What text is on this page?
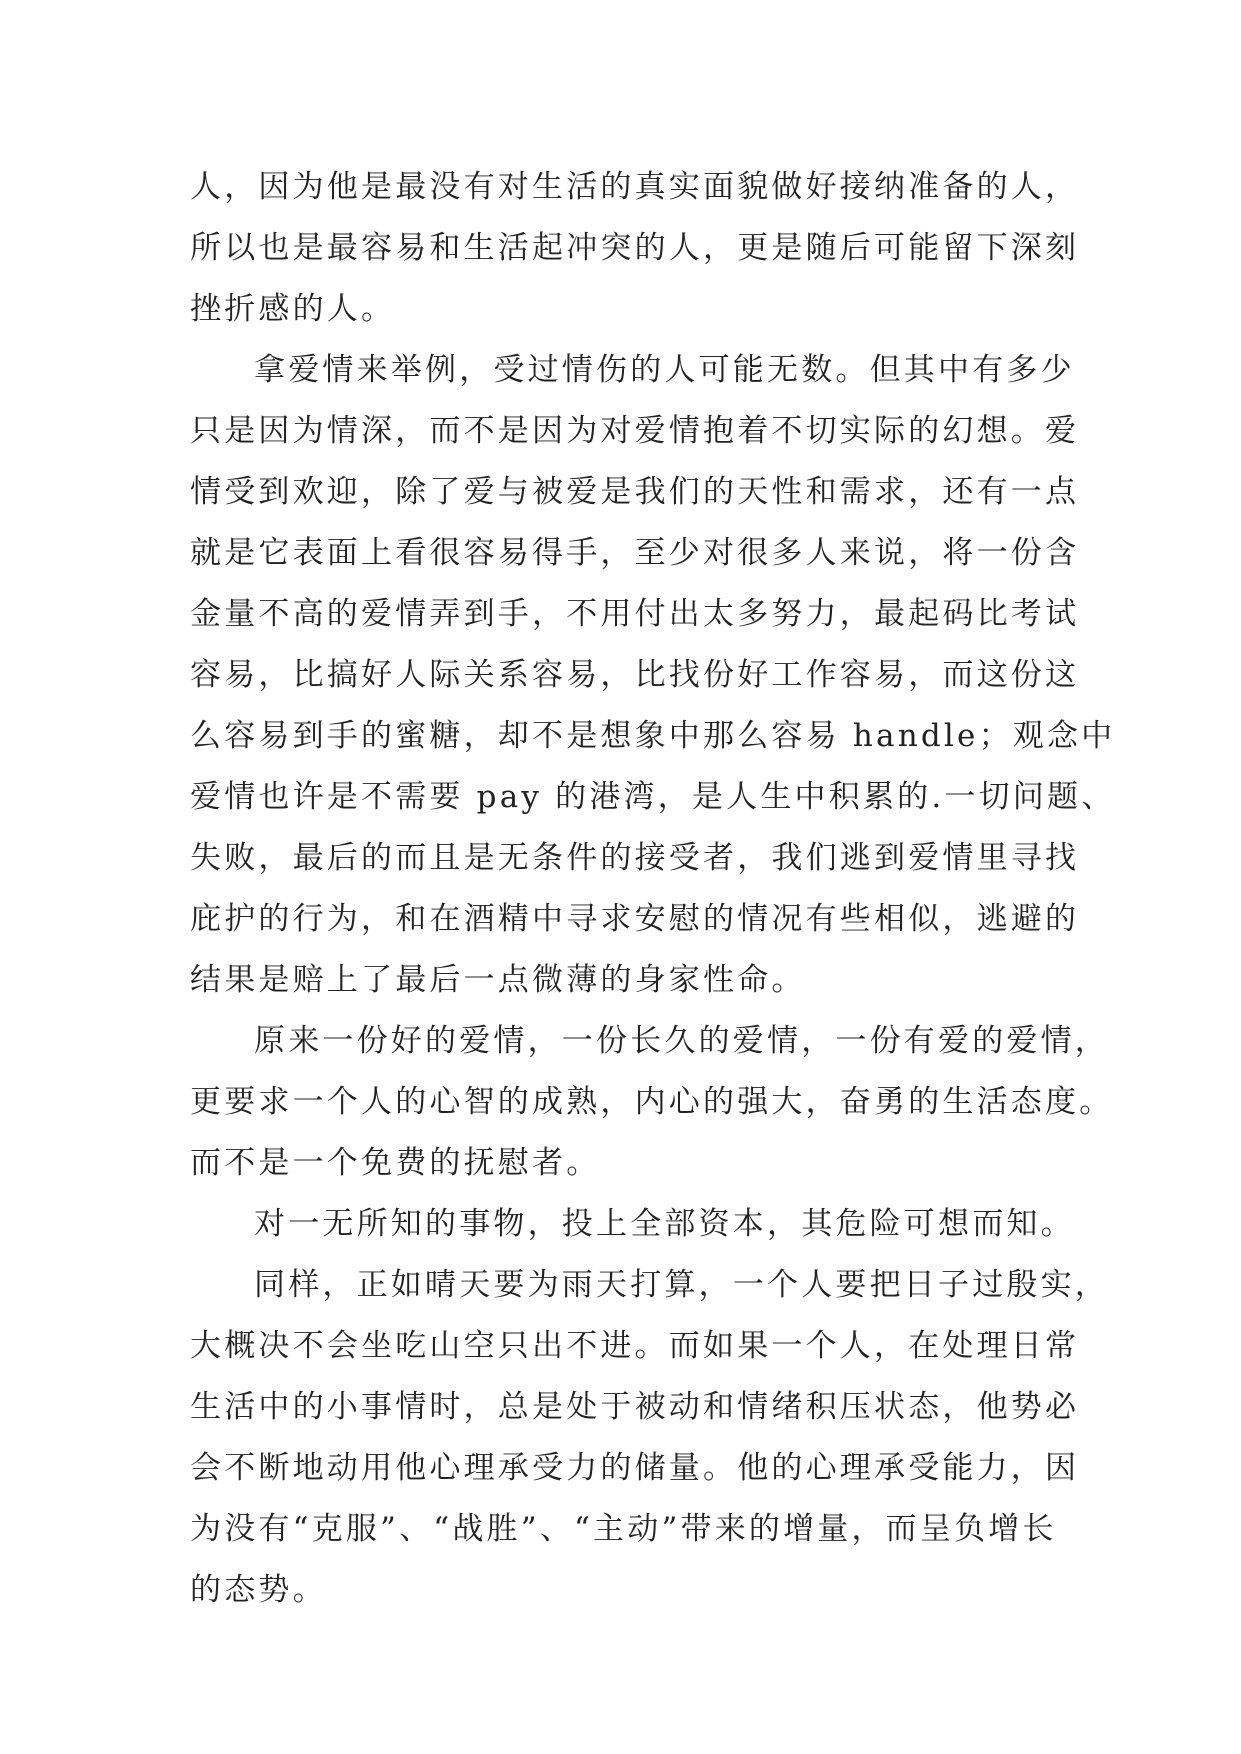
人，因为他是最没有对生活的真实面貌做好接纳准备的人，
所以也是最容易和生活起冲突的人，更是随后可能留下深刻
挫折感的人。
拿爱情来举例，受过情伤的人可能无数。但其中有多少
只是因为情深，而不是因为对爱情抱着不切实际的幻想。爱
情受到欢迎，除了爱与被爱是我们的天性和需求，还有一点
就是它表面上看很容易得手，至少对很多人来说，将一份含
金量不高的爱情弄到手，不用付出太多努力，最起码比考试
容易，比搞好人际关系容易，比找份好工作容易，而这份这
么容易到手的蜜糖，却不是想象中那么容易 handle；观念中
爱情也许是不需要 pay 的港湾，是人生中积累的.一切问题、
失败，最后的而且是无条件的接受者，我们逃到爱情里寻找
庇护的行为，和在酒精中寻求安慰的情况有些相似，逃避的
结果是赔上了最后一点微薄的身家性命。
原来一份好的爱情，一份长久的爱情，一份有爱的爱情，
更要求一个人的心智的成熟，内心的强大，奋勇的生活态度。
而不是一个免费的抚慰者。
对一无所知的事物，投上全部资本，其危险可想而知。
同样，正如晴天要为雨天打算，一个人要把日子过殷实，
大概决不会坐吃山空只出不进。而如果一个人，在处理日常
生活中的小事情时，总是处于被动和情绪积压状态，他势必
会不断地动用他心理承受力的储量。他的心理承受能力，因
为没有“克服”、“战胜”、“主动”带来的增量，而呈负增长
的态势。
